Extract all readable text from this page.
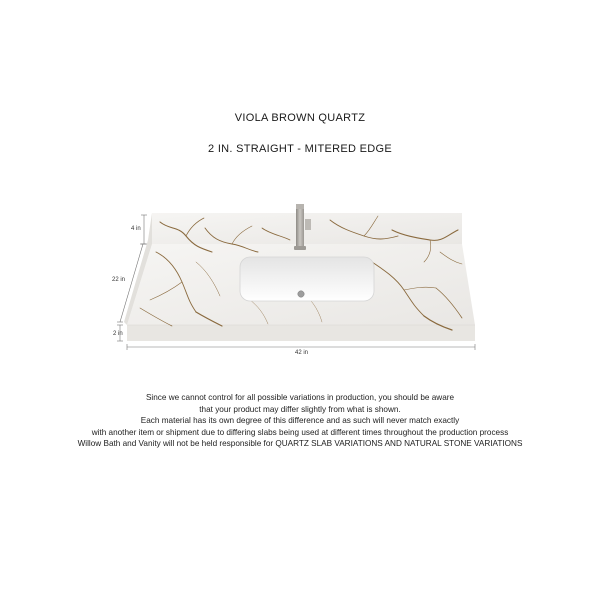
VIOLA BROWN QUARTZ
2 IN. STRAIGHT - MITERED EDGE
4 in
22 in
2 in
42 in
Since we cannot control for all possible variations in production, you should be aware
that your product may differ slightly from what is shown.
Each material has its own degree of this difference and as such will never match exactly
with another item or shipment due to differing slabs being used at different times throughout the production process
Willow Bath and Vanity will not be held responsible for QUARTZ SLAB VARIATIONS AND NATURAL STONE VARIATIONS
